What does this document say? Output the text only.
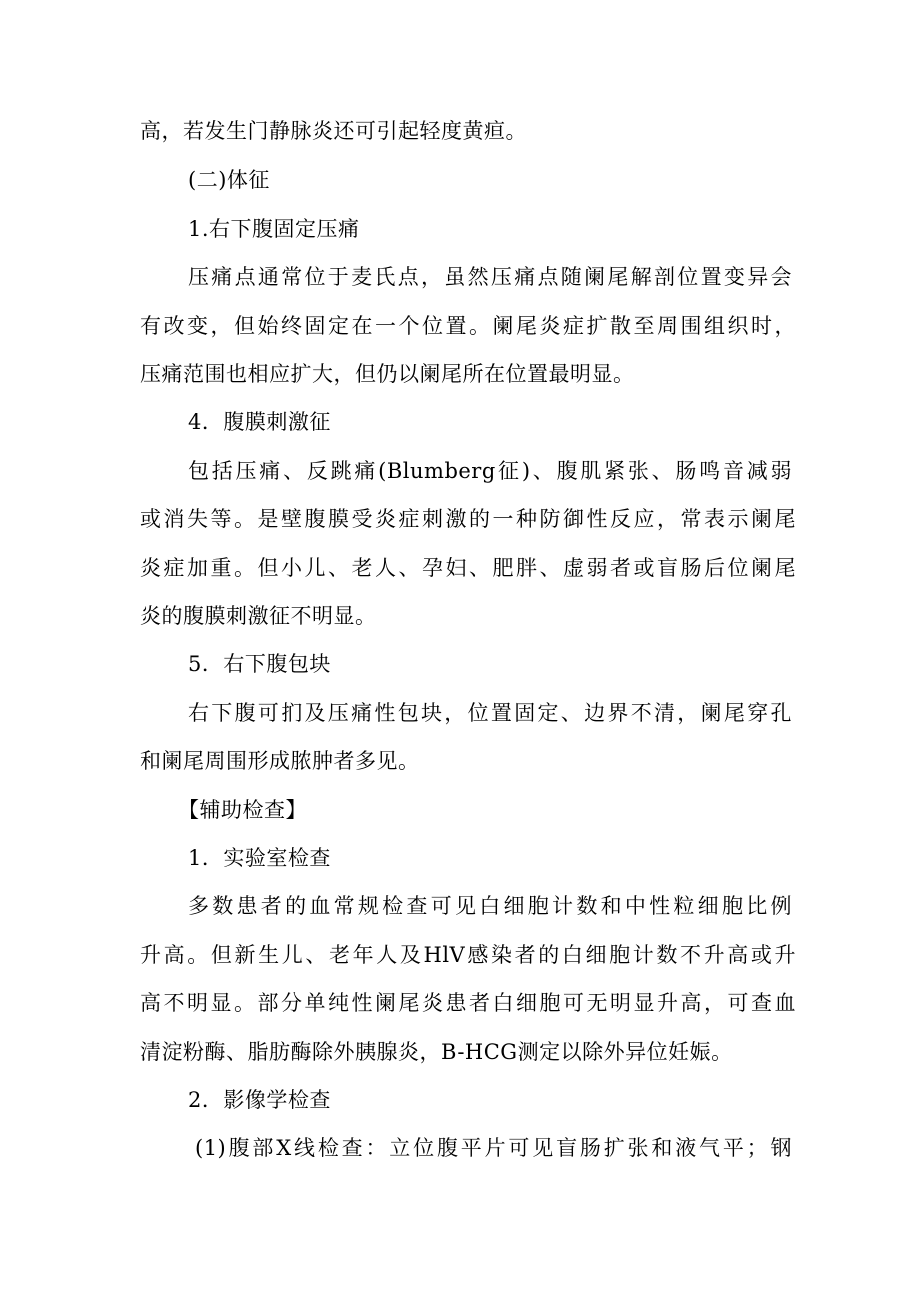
高，若发生门静脉炎还可引起轻度黄疸。
(二)体征
1.右下腹固定压痛
压痛点通常位于麦氏点，虽然压痛点随阑尾解剖位置变异会
有改变，但始终固定在一个位置。阑尾炎症扩散至周围组织时，
压痛范围也相应扩大，但仍以阑尾所在位置最明显。
4．腹膜刺激征
包括压痛、反跳痛(Blumberg征)、腹肌紧张、肠鸣音减弱
或消失等。是壁腹膜受炎症刺激的一种防御性反应，常表示阑尾
炎症加重。但小儿、老人、孕妇、肥胖、虚弱者或盲肠后位阑尾
炎的腹膜刺激征不明显。
5．右下腹包块
右下腹可扪及压痛性包块，位置固定、边界不清，阑尾穿孔
和阑尾周围形成脓肿者多见。
【辅助检查】
1．实验室检查
多数患者的血常规检查可见白细胞计数和中性粒细胞比例
升高。但新生儿、老年人及HlV感染者的白细胞计数不升高或升
高不明显。部分单纯性阑尾炎患者白细胞可无明显升高，可查血
清淀粉酶、脂肪酶除外胰腺炎，B-HCG测定以除外异位妊娠。
2．影像学检查
(1)腹部X线检查：立位腹平片可见盲肠扩张和液气平；钢
